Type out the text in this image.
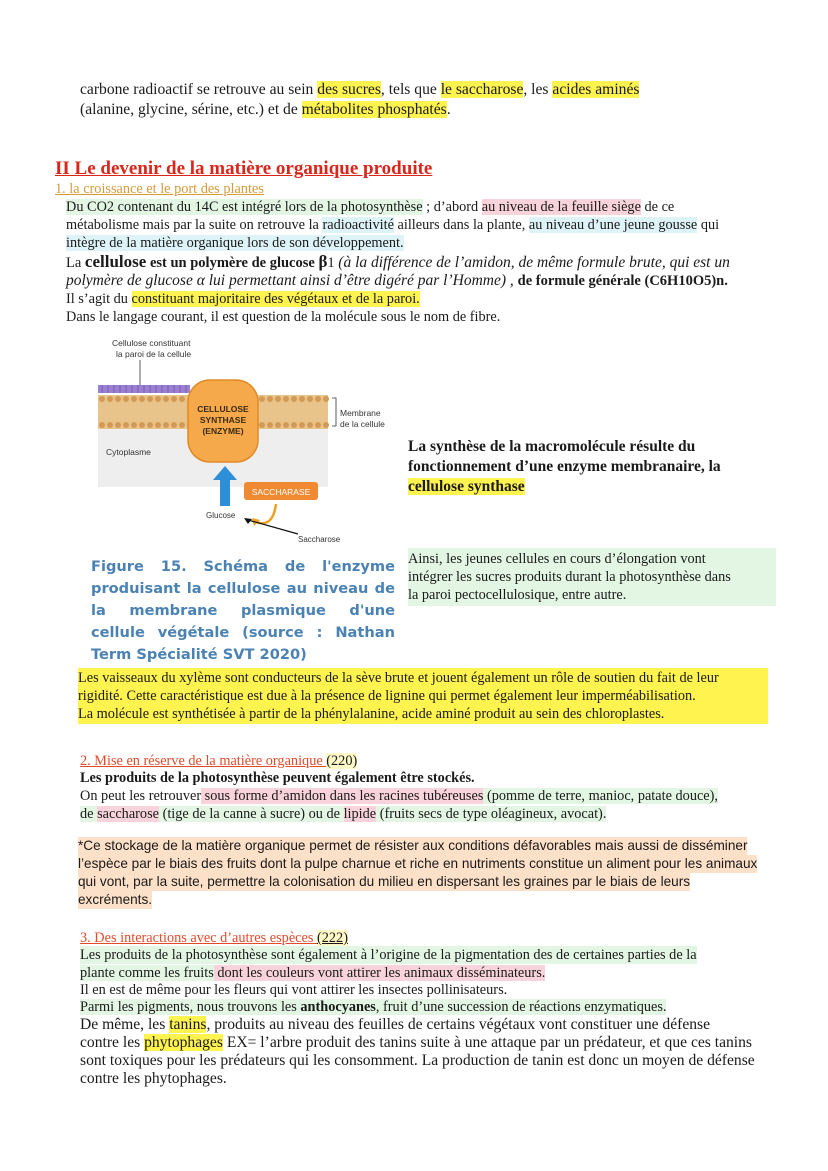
carbone radioactif se retrouve au sein des sucres, tels que le saccharose, les acides aminés
(alanine, glycine, sérine, etc.) et de métabolites phosphatés.
II Le devenir de la matière organique produite
1. la croissance et le port des plantes
Du CO2 contenant du 14C est intégré lors de la photosynthèse ; d’abord au niveau de la feuille siège de ce
métabolisme mais par la suite on retrouve la radioactivité ailleurs dans la plante, au niveau d’une jeune gousse qui
intègre de la matière organique lors de son développement.
La cellulose est un polymère de glucose β1 (à la différence de l’amidon, de même formule brute, qui est un
polymère de glucose α lui permettant ainsi d’être digéré par l’Homme) , de formule générale (C6H10O5)n.
Il s’agit du constituant majoritaire des végétaux et de la paroi.
Dans le langage courant, il est question de la molécule sous le nom de fibre.
Cellulose constituant
la paroi de la cellule
Cytoplasme
CELLULOSE
SYNTHASE
(ENZYME)
Membrane
de la cellule
SACCHARASE
Glucose
Saccharose
Figure 15. Schéma de l'enzyme produisant la cellulose au niveau de la membrane plasmique d'une cellule végétale (source : Nathan Term Spécialité SVT 2020)
La synthèse de la macromolécule résulte du
fonctionnement d’une enzyme membranaire, la
cellulose synthase

Ainsi, les jeunes cellules en cours d’élongation vont

intégrer les sucres produits durant la photosynthèse dans

la paroi pectocellulosique, entre autre.

Les vaisseaux du xylème sont conducteurs de la sève brute et jouent également un rôle de soutien du fait de leur

rigidité. Cette caractéristique est due à la présence de lignine qui permet également leur imperméabilisation.

La molécule est synthétisée à partir de la phénylalanine, acide aminé produit au sein des chloroplastes.

2. Mise en réserve de la matière organique (220)
Les produits de la photosynthèse peuvent également être stockés.
On peut les retrouver sous forme d’amidon dans les racines tubéreuses (pomme de terre, manioc, patate douce),
de saccharose (tige de la canne à sucre) ou de lipide (fruits secs de type oléagineux, avocat).

*Ce stockage de la matière organique permet de résister aux conditions défavorables mais aussi de disséminer

l’espèce par le biais des fruits dont la pulpe charnue et riche en nutriments constitue un aliment pour les animaux

qui vont, par la suite, permettre la colonisation du milieu en dispersant les graines par le biais de leurs

excréments.

3. Des interactions avec d’autres espèces (222)
Les produits de la photosynthèse sont également à l’origine de la pigmentation des de certaines parties de la
plante comme les fruits dont les couleurs vont attirer les animaux disséminateurs.
Il en est de même pour les fleurs qui vont attirer les insectes pollinisateurs.
Parmi les pigments, nous trouvons les anthocyanes, fruit d’une succession de réactions enzymatiques.
De même, les tanins, produits au niveau des feuilles de certains végétaux vont constituer une défense
contre les phytophages EX= l’arbre produit des tanins suite à une attaque par un prédateur, et que ces tanins
sont toxiques pour les prédateurs qui les consomment. La production de tanin est donc un moyen de défense
contre les phytophages.
